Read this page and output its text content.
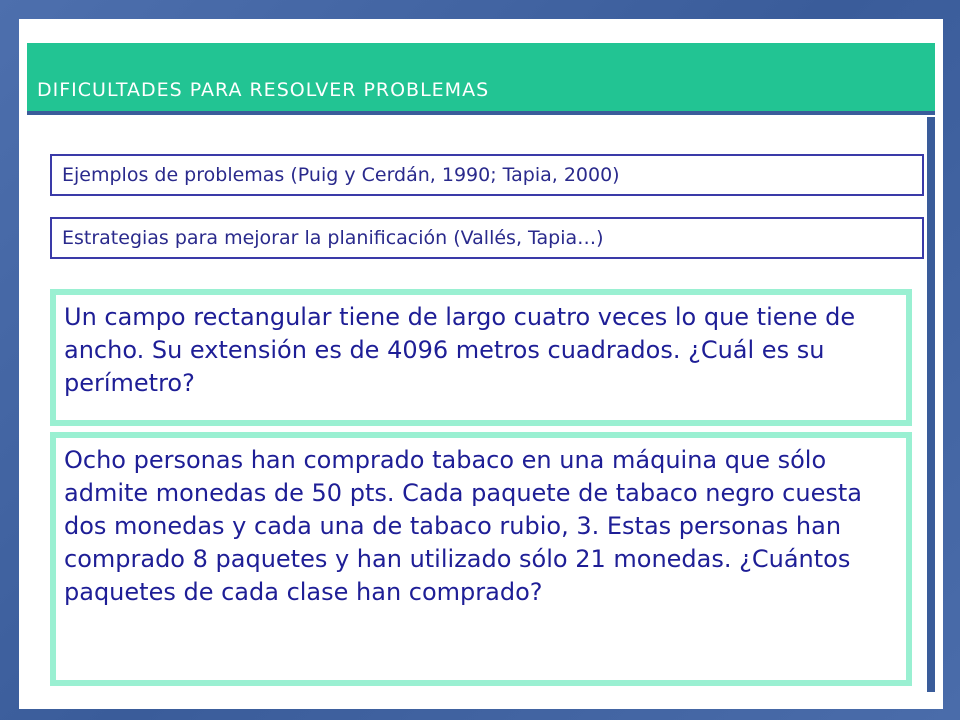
DIFICULTADES PARA RESOLVER PROBLEMAS
Ejemplos de problemas (Puig y Cerdán, 1990; Tapia, 2000)
Estrategias para mejorar la planificación (Vallés, Tapia…)

Un campo rectangular tiene de largo cuatro veces lo que tiene de ancho. Su extensión es de 4096 metros cuadrados. ¿Cuál es su perímetro?

Ocho personas han comprado tabaco en una máquina que sólo admite monedas de 50 pts. Cada paquete de tabaco negro cuesta dos monedas y cada una de tabaco rubio, 3. Estas personas han comprado 8 paquetes y han utilizado sólo 21 monedas. ¿Cuántos paquetes de cada clase han comprado?
